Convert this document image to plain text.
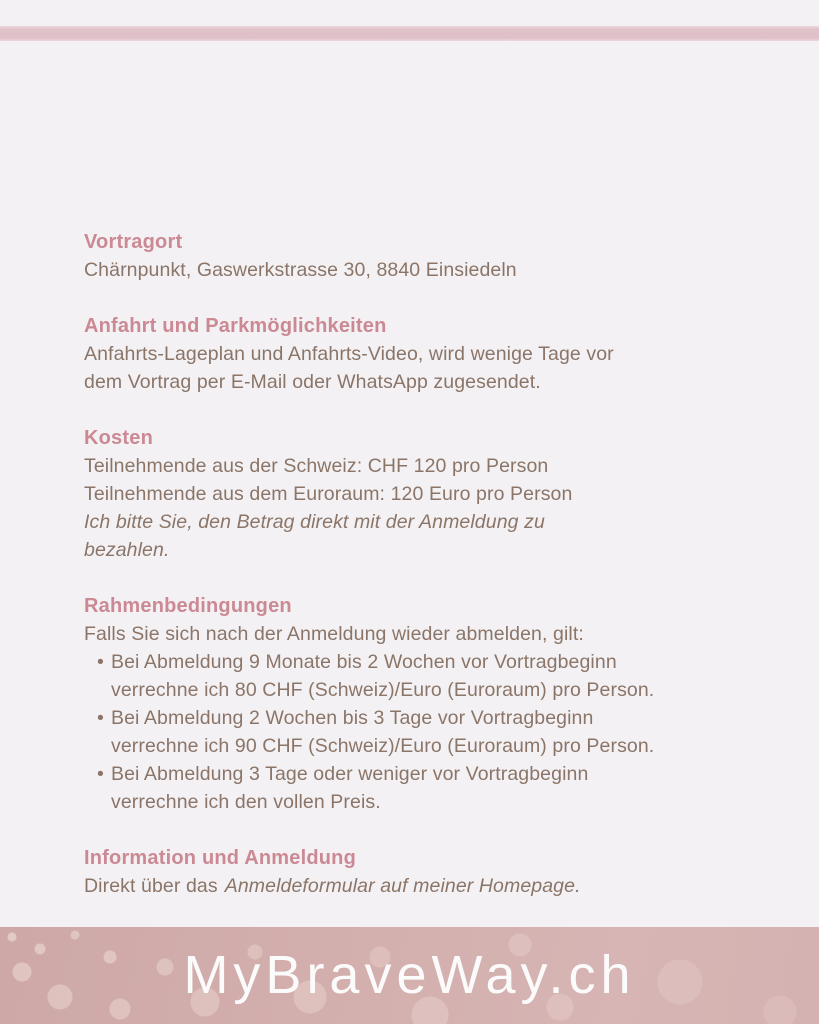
Vortragort
Chärnpunkt, Gaswerkstrasse 30, 8840 Einsiedeln
Anfahrt und Parkmöglichkeiten
Anfahrts-Lageplan und Anfahrts-Video, wird wenige Tage vor
dem Vortrag per E-Mail oder WhatsApp zugesendet.
Kosten
Teilnehmende aus der Schweiz: CHF 120 pro Person
Teilnehmende aus dem Euroraum: 120 Euro pro Person
Ich bitte Sie, den Betrag direkt mit der Anmeldung zu
bezahlen.
Rahmenbedingungen
Falls Sie sich nach der Anmeldung wieder abmelden, gilt:
• Bei Abmeldung 9 Monate bis 2 Wochen vor Vortragbeginn
verrechne ich 80 CHF (Schweiz)/Euro (Euroraum) pro Person.
• Bei Abmeldung 2 Wochen bis 3 Tage vor Vortragbeginn
verrechne ich 90 CHF (Schweiz)/Euro (Euroraum) pro Person.
• Bei Abmeldung 3 Tage oder weniger vor Vortragbeginn
verrechne ich den vollen Preis.
Information und Anmeldung
Direkt über das Anmeldeformular auf meiner Homepage.
MyBraveWay.ch
